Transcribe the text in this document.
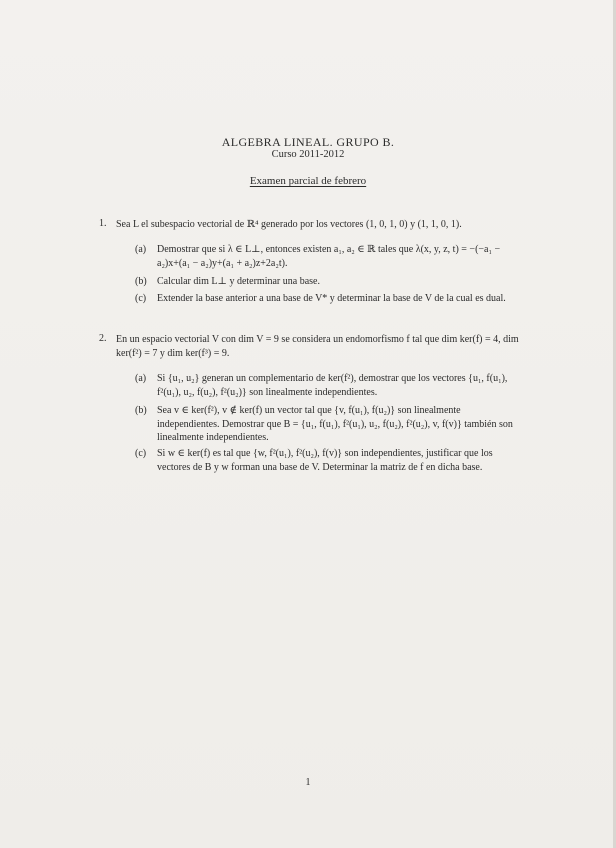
ALGEBRA LINEAL. GRUPO B.
Curso 2011-2012
Examen parcial de febrero
1. Sea L el subespacio vectorial de ℝ⁴ generado por los vectores (1, 0, 1, 0) y (1, 1, 0, 1).
(a) Demostrar que si λ ∈ L⊥, entonces existen a₁, a₂ ∈ ℝ tales que λ(x, y, z, t) = −(−a₁ − a₂)x+(a₁ − a₂)y+(a₁ + a₂)z+2a₂t).
(b) Calcular dim L⊥ y determinar una base.
(c) Extender la base anterior a una base de V* y determinar la base de V de la cual es dual.
2. En un espacio vectorial V con dim V = 9 se considera un endomorfismo f tal que dim ker(f) = 4, dim ker(f²) = 7 y dim ker(f³) = 9.
(a) Si {u₁, u₂} generan un complementario de ker(f²), demostrar que los vectores {u₁, f(u₁), f²(u₁), u₂, f(u₂), f²(u₂)} son linealmente independientes.
(b) Sea v ∈ ker(f²), v ∉ ker(f) un vector tal que {v, f(u₁), f(u₂)} son linealmente independientes. Demostrar que B = {u₁, f(u₁), f²(u₁), u₂, f(u₂), f²(u₂), v, f(v)} también son linealmente independientes.
(c) Si w ∈ ker(f) es tal que {w, f²(u₁), f²(u₂), f(v)} son independientes, justificar que los vectores de B y w forman una base de V. Determinar la matriz de f en dicha base.
1
